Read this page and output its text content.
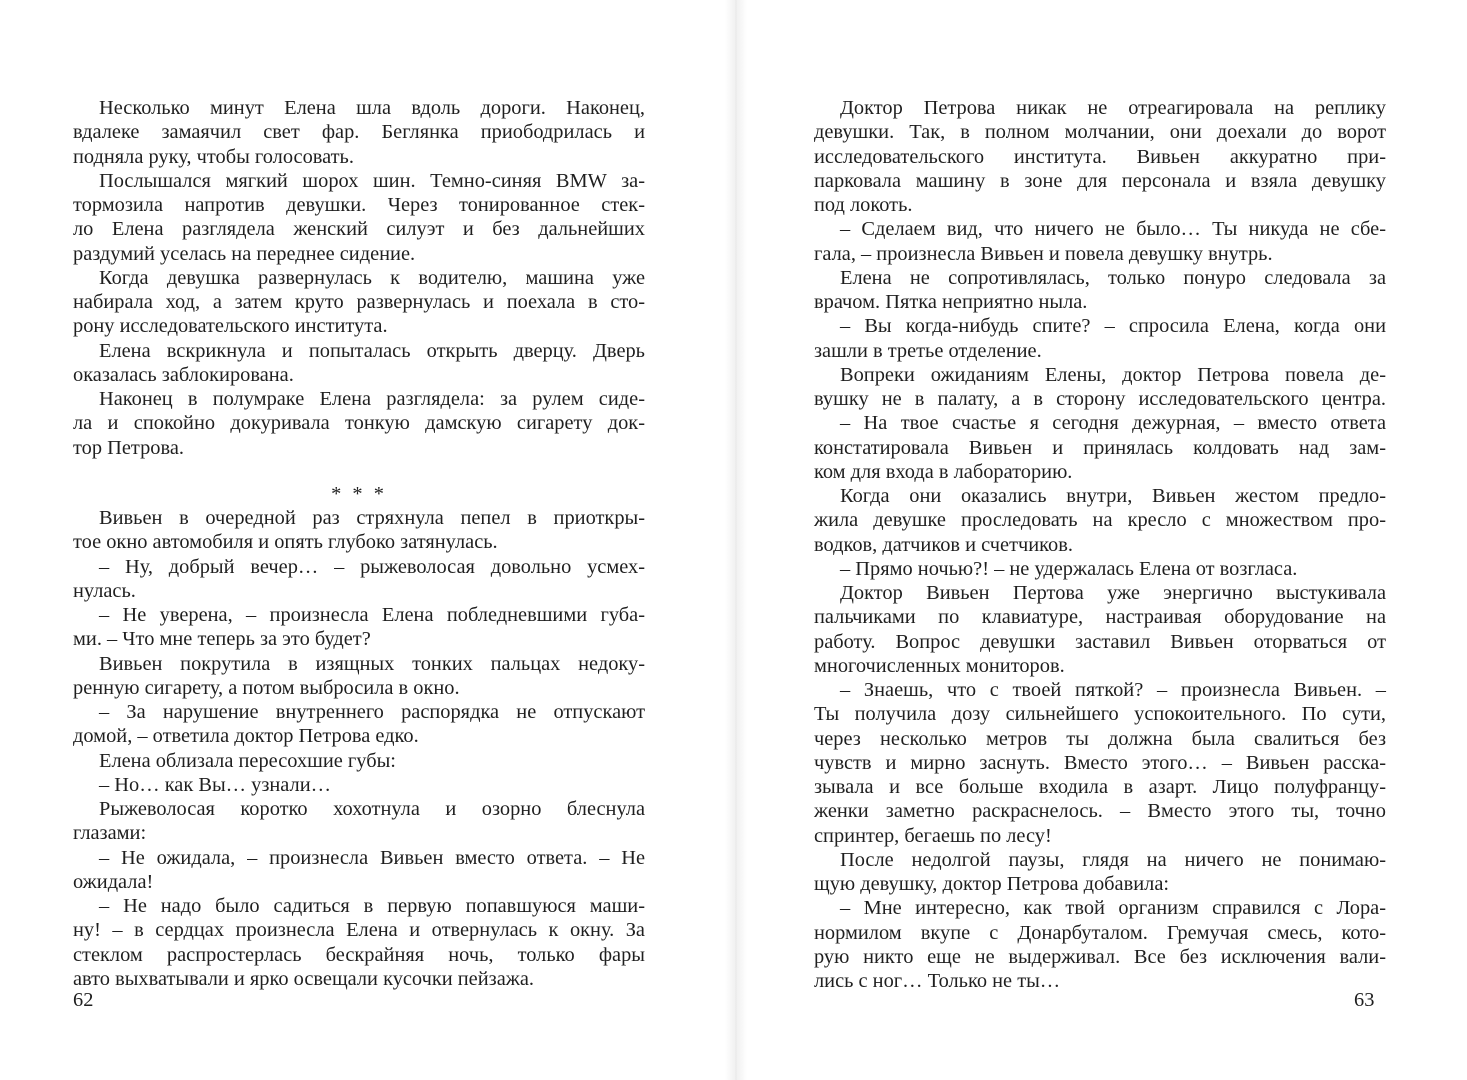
Несколько минут Елена шла вдоль дороги. Наконец,
вдалеке замаячил свет фар. Беглянка приободрилась и
подняла руку, чтобы голосовать.
Послышался мягкий шорох шин. Темно-синяя BMW за-
тормозила напротив девушки. Через тонированное стек-
ло Елена разглядела женский силуэт и без дальнейших
раздумий уселась на переднее сидение.
Когда девушка развернулась к водителю, машина уже
набирала ход, а затем круто развернулась и поехала в сто-
рону исследовательского института.
Елена вскрикнула и попыталась открыть дверцу. Дверь
оказалась заблокирована.
Наконец в полумраке Елена разглядела: за рулем сиде-
ла и спокойно докуривала тонкую дамскую сигарету док-
тор Петрова.
* * *
Вивьен в очередной раз стряхнула пепел в приоткры-
тое окно автомобиля и опять глубоко затянулась.
– Ну, добрый вечер… – рыжеволосая довольно усмех-
нулась.
– Не уверена, – произнесла Елена побледневшими губа-
ми. – Что мне теперь за это будет?
Вивьен покрутила в изящных тонких пальцах недоку-
ренную сигарету, а потом выбросила в окно.
– За нарушение внутреннего распорядка не отпускают
домой, – ответила доктор Петрова едко.
Елена облизала пересохшие губы:
– Но… как Вы… узнали…
Рыжеволосая коротко хохотнула и озорно блеснула
глазами:
– Не ожидала, – произнесла Вивьен вместо ответа. – Не
ожидала!
– Не надо было садиться в первую попавшуюся маши-
ну! – в сердцах произнесла Елена и отвернулась к окну. За
стеклом распростерлась бескрайняя ночь, только фары
авто выхватывали и ярко освещали кусочки пейзажа.
Доктор Петрова никак не отреагировала на реплику
девушки. Так, в полном молчании, они доехали до ворот
исследовательского института. Вивьен аккуратно при-
парковала машину в зоне для персонала и взяла девушку
под локоть.
– Сделаем вид, что ничего не было… Ты никуда не сбе-
гала, – произнесла Вивьен и повела девушку внутрь.
Елена не сопротивлялась, только понуро следовала за
врачом. Пятка неприятно ныла.
– Вы когда-нибудь спите? – спросила Елена, когда они
зашли в третье отделение.
Вопреки ожиданиям Елены, доктор Петрова повела де-
вушку не в палату, а в сторону исследовательского центра.
– На твое счастье я сегодня дежурная, – вместо ответа
констатировала Вивьен и принялась колдовать над зам-
ком для входа в лабораторию.
Когда они оказались внутри, Вивьен жестом предло-
жила девушке проследовать на кресло с множеством про-
водков, датчиков и счетчиков.
– Прямо ночью?! – не удержалась Елена от возгласа.
Доктор Вивьен Пертова уже энергично выстукивала
пальчиками по клавиатуре, настраивая оборудование на
работу. Вопрос девушки заставил Вивьен оторваться от
многочисленных мониторов.
– Знаешь, что с твоей пяткой? – произнесла Вивьен. –
Ты получила дозу сильнейшего успокоительного. По сути,
через несколько метров ты должна была свалиться без
чувств и мирно заснуть. Вместо этого… – Вивьен расска-
зывала и все больше входила в азарт. Лицо полуфранцу-
женки заметно раскраснелось. – Вместо этого ты, точно
спринтер, бегаешь по лесу!
После недолгой паузы, глядя на ничего не понимаю-
щую девушку, доктор Петрова добавила:
– Мне интересно, как твой организм справился с Лора-
нормилом вкупе с Донарбуталом. Гремучая смесь, кото-
рую никто еще не выдерживал. Все без исключения вали-
лись с ног… Только не ты…
62	63
